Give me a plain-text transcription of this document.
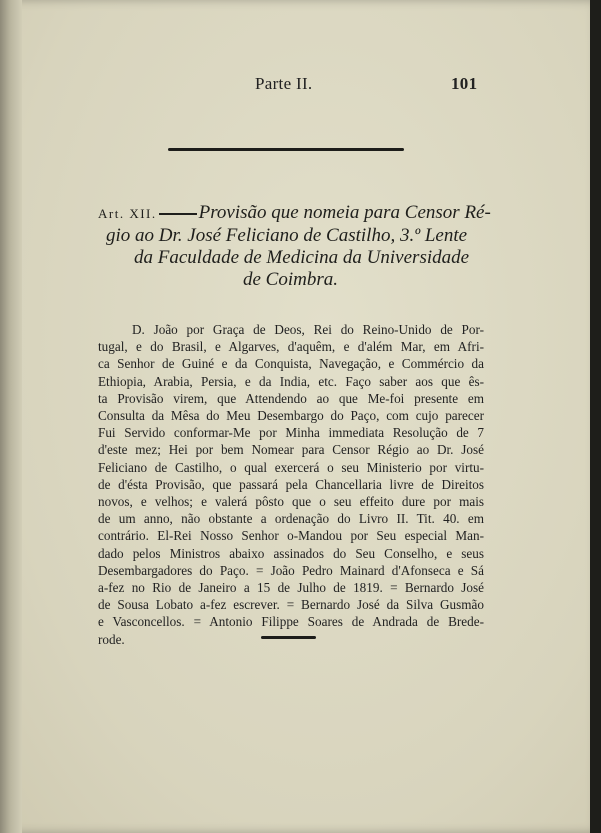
Parte II.	101
Art. XII. Provisão que nomeia para Censor Ré-
gio ao Dr. José Feliciano de Castilho, 3.º Lente
da Faculdade de Medicina da Universidade
de Coimbra.
D. João por Graça de Deos, Rei do Reino-Unido de Por-
tugal, e do Brasil, e Algarves, d'aquêm, e d'além Mar, em Afri-
ca Senhor de Guiné e da Conquista, Navegação, e Commércio da
Ethiopia, Arabia, Persia, e da India, etc. Faço saber aos que ês-
ta Provisão virem, que Attendendo ao que Me-foi presente em
Consulta da Mêsa do Meu Desembargo do Paço, com cujo parecer
Fui Servido conformar-Me por Minha immediata Resolução de 7
d'este mez; Hei por bem Nomear para Censor Régio ao Dr. José
Feliciano de Castilho, o qual exercerá o seu Ministerio por virtu-
de d'ésta Provisão, que passará pela Chancellaria livre de Direitos
novos, e velhos; e valerá pôsto que o seu effeito dure por mais
de um anno, não obstante a ordenação do Livro II. Tit. 40. em
contrário. El-Rei Nosso Senhor o-Mandou por Seu especial Man-
dado pelos Ministros abaixo assinados do Seu Conselho, e seus
Desembargadores do Paço. = João Pedro Mainard d'Afonseca e Sá
a-fez no Rio de Janeiro a 15 de Julho de 1819. = Bernardo José
de Sousa Lobato a-fez escrever. = Bernardo José da Silva Gusmão
e Vasconcellos. = Antonio Filippe Soares de Andrada de Brede-
rode.
